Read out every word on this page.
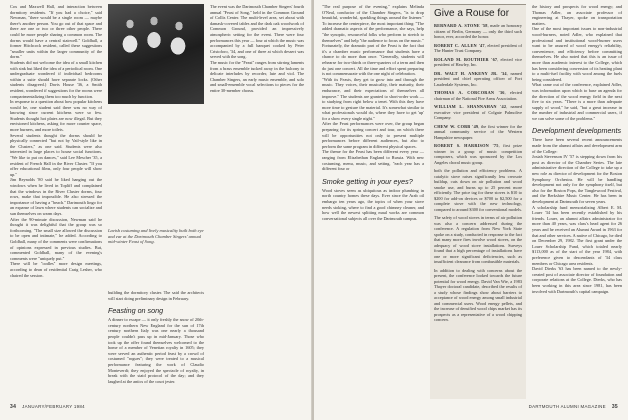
Cox and Maxwell Hall, and interaction between dormitory residents. "If you had a choice," said Newman, "there would be a single room — maybe there's another person. You go out of that space and there are one or two or three other people. There could be more people sharing a common room. The dorms would have a central stairwell." Goldhall, a former Hitchcock resident, called these suggestions "smaller units within the larger community of the dorm."

Students did not welcome the idea of a small kitchen with sink but liked the idea of a periodical room. One undergraduate wondered if individual bedrooms within a suite should have separate locks. (Other students disagreed.) Davis House '36, a Smith resident, wondered if suggestions for the rooms were compartmentalizing them too much by function.

In response to a question about how popular kitchens would be, one student said there was no way of knowing since current kitchens were so few. Students thought hot plates are now illegal. But they envisioned kitchens, asking for more counter space, more burners, and more toilets.

Several students thought the dorms should be physically connected "but not by Vail-style like in the Clusters," as one said. Students were also interested in large places to house social functions. "We like to put on dances," said Lee Mescher '35, a resident of French Hall in the River Cluster. "If you offer educational films, only four people will show up."

Jim Reynolds '80 said he liked hanging out the windows when he lived in Topliff and complained that the windows in the River Cluster dorms, four rows, make that impossible. He also stressed the importance of having a "beach." Dartmouth lingo for an expanse of lawn where students can socialize and sun themselves on warm days.

After the 90-minute discussion, Newman said he thought it was delightful that the group was so forthcoming. "The small size allowed the discussion to be open and intimate," he added. According to Goldhall, many of the comments were confirmations of opinions expressed in previous studies. But, commented Goldhall, many of the evening's comments were "uniquely put."

There will be "oodles" more design meetings, according to dean of residential Craig Lesher, who chaired the session.

Lavish costuming and lively musicality built both eye and ear at the Dartmouth Chamber Singers' annual mid-winter Feast of Song.

building the dormitory cluster. The said the architects will start doing preliminary design in February.

Feasting on song

A dinner to escape — it only freshly the snow of 20th-century northern New England for the sun of 17th century northern Italy was one nearly a thousand people couldn't pass up in mid-January. Those who took up the offer found themselves welcomed to the home of a member of Venetian royalty in 1605; they were served an authentic period feast by a crowd of costumed "rogues"; they were treated to a musical performance featuring the work of Claudio Monteverdi; they enjoyed the spectacle of royalty, in break with the staid protocol of the day; and they laughed at the antics of the court jester.

The event was the Dartmouth Chamber Singers' fourth annual "Feast of Song," held in the Common Ground of Collis Center. The multi-level area, set about with damask-covered tables and the dark oak woodwork of Common Ground, provided an impressively atmospheric setting for the event. There were four performances this year — four at which the music was accompanied by a full banquet cooked by Peter Cristoforo, '34, and one of three at which dessert was served with the song.

The music for the "Feast" ranges from stirring laments from a brass ensemble tucked away in the balcony to delicate interludes by recorder, lute and viol. The Chamber Singers, an early music ensemble, and solo and small-ensemble vocal selections to pieces for the entire 30-member chorus.

34 JANUARY/FEBRUARY 1984

"The real purpose of the evening," explains Melinda O'Neal, conductor of the Chamber Singers, "is to drop beautiful, wonderful, sparkling things around the listener." To increase the centerpiece, the most important thing: "The added dramatic aspects of the performance, she says, help "the synoptic, resourceful folks who perform to stretch to themselves" and help "the audience to focus on the music."

Fortunately, the dramatic part of the Feast is the fact that it's a chamber music performance that students have a chance to do more than once. "Generally, students will rehearse for two-thirds or three-quarters of a term and then do just one concert. All the time and effort spent preparing is not commensurate with the one night of celebration.

"With its Feasts, they get to grow into and through the music. They voices, their musicality, their maturity, their endurance, and their expectations of themselves all improve." The students are granted to short-order work — to studying from right below a tenet. With this they have more time to gesture the material. It's somewhat similar to what professionals would do, where they have to get 'up' for a show every single night."

After the Feast performances were over, the group began preparing for its spring concert and tour, on which there will be opportunities not only to present multiple performances before different audiences, but also to perform the same program in different physical spaces.

The theme for the Feast has been different every year — ranging from Elizabethan England to Russia. With new costuming, menu, music, and setting, "each year has a different four or

Smoke getting in your eyes?

Wood stoves seem as ubiquitous as indoor plumbing in north country homes these days. Ever since the Arab oil embargo ten years ago, the topics of when your stove needs stoking, where to find a good chimney cleaner, and how well the newest splitting maul works are common conversational subjects all over the Dartmouth campus.

Give a Rouse for
BERNARD A. STONE '58, made an honorary citizen of Berlin, Germany — only the third such honor, ever, accorded the honor.
ROBERT C. ALLEN '47, elected president of The Hunter Trust Company.
ROLAND M. BOUTHIER '67, elected vice president of Hawley, Inc.
DR. WALT H. ANKENY JR. '34, named president and chief operating officer of Fort Lauderdale Systems, Inc.
THOMAS A. CORCORAN '36, elected chairman of the National Fire Arms Association.
WILLIAM L. SHANNAHAN '42, named executive vice president of Colgate Palmolive Company.
CHEW W. COBB '49, the first winner for the annual community service of the Western Hampshire newspaper.
ROBERT S. HARRISON '75, first prize winner in a group of music competition composers, which was sponsored by the Los Angeles choral music group.

both the pollution and efficiency problems. A catalytic stove raises significantly less creosote buildup, cuts down on air pollution and wood smoke use, and burns up to 25 percent more efficiently. The price tag for these stoves is $10 to $200 for add-on devices or $700 to $2,500 for a complete stove with the new technology, compared to around $300 for conventional models.

The safety of wood stoves in terms of air pollution was also a concern addressed during the conference. A regulation from New York State spoke on a study, conducted in response to the fact that many more fires involve wood stoves, on the adequacy of wood stove installations. Surveys found that a high percentage of installations have one or more significant deficiencies, such as insufficient clearance from combustible materials.

In addition to dealing with concerns about the present, the conference looked towards the future potential for wood energy. David Van Wie, a 1983 Thayer doctoral candidate, described the results of a study whose findings show about barriers to acceptance of wood energy among small industrial and commercial users. Wood energy pellets, and the increase of densified wood chips market has its prospects as a representative of a wood chipping concern.

the history and prospects for wood energy; and Thomas Adler, an associate professor of engineering at Thayer, spoke on transportation matters.

One of the most important issues to non-industrial wood-burners, noted Adler, who explained that professional and institutional wood-burner users want to be assured of wood energy's reliability, convenience, and efficiency before committing themselves. He also noted that this is an issue of more than academic interest to the College, which has been considering conversion of its heating plant to a multi-fuel facility with wood among the fuels being considered.

What came out of the conference, explained Adler, was information upon which to base an agenda for the direction of the wood energy field in the next five to six years. "There is a more than adequate supply of wood," he said, "but a great increase in the number of industrial and commercial users, if we can solve some of the problems."

Development developments

There have been several recent announcements made from the alumni affairs and development arm of the College:

Josiah Stevenson IV '57 is stepping down from his post as director of the Chamber Series. The late administrative direction of the College to take up a new role as director of development for the Boston Symphony Orchestra. He will be handling development not only for the symphony itself, but also for the Boston Pops, the Tanglewood Festival, and the Berkshire Music Center. He has been in development at Dartmouth for seven years.

A scholarship fund memorializing Albert E. M. Louer '34 has been recently established by his friends. Louer, an alumni affairs administrator for more than 40 years, was class's head agent for 26 years and he received an Alumni Award in 1963 for that and other services. A native of Chicago, he died on December 29, 1982. The first grant under the Louer Scholarship Fund, which totaled nearly $113,000 as of the start of the year 1984, with preference given to descendants of '34 class members or Chicago area residents.

David Dierks '63 has been named to the newly-created post of associate director of foundation and corporate relations at the College. Dierks, who has been working in this area since 1981, has been involved with Dartmouth's capital campaign.

DARTMOUTH ALUMNI MAGAZINE 35
